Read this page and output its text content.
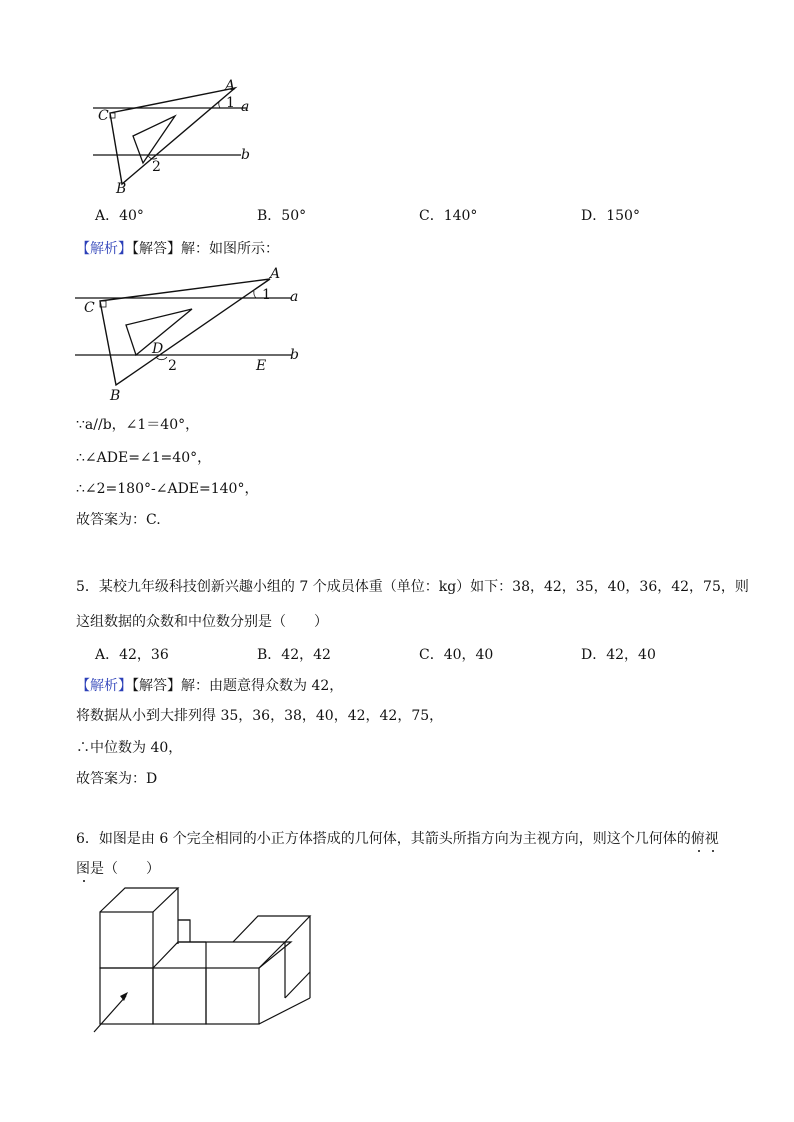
A
C
1 a
b
2
B
A．40°	B．50°	C．140°	D．150°
【解析】【解答】解：如图所示：
A
C
1 a
D	b
2	E
B
∵a//b，∠1＝40°，
∴∠ADE=∠1=40°，
∴∠2=180°-∠ADE=140°，
故答案为：C.
5．某校九年级科技创新兴趣小组的 7 个成员体重（单位：kg）如下：38，42，35，40，36，42，75，则
这组数据的众数和中位数分别是（　　）
A．42，36	B．42，42	C．40，40	D．42，40
【解析】【解答】解：由题意得众数为 42，
将数据从小到大排列得 35，36，38，40，42，42，75，
∴中位数为 40，
故答案为：D
6．如图是由 6 个完全相同的小正方体搭成的几何体，其箭头所指方向为主视方向，则这个几何体的俯视
图是（　　）
